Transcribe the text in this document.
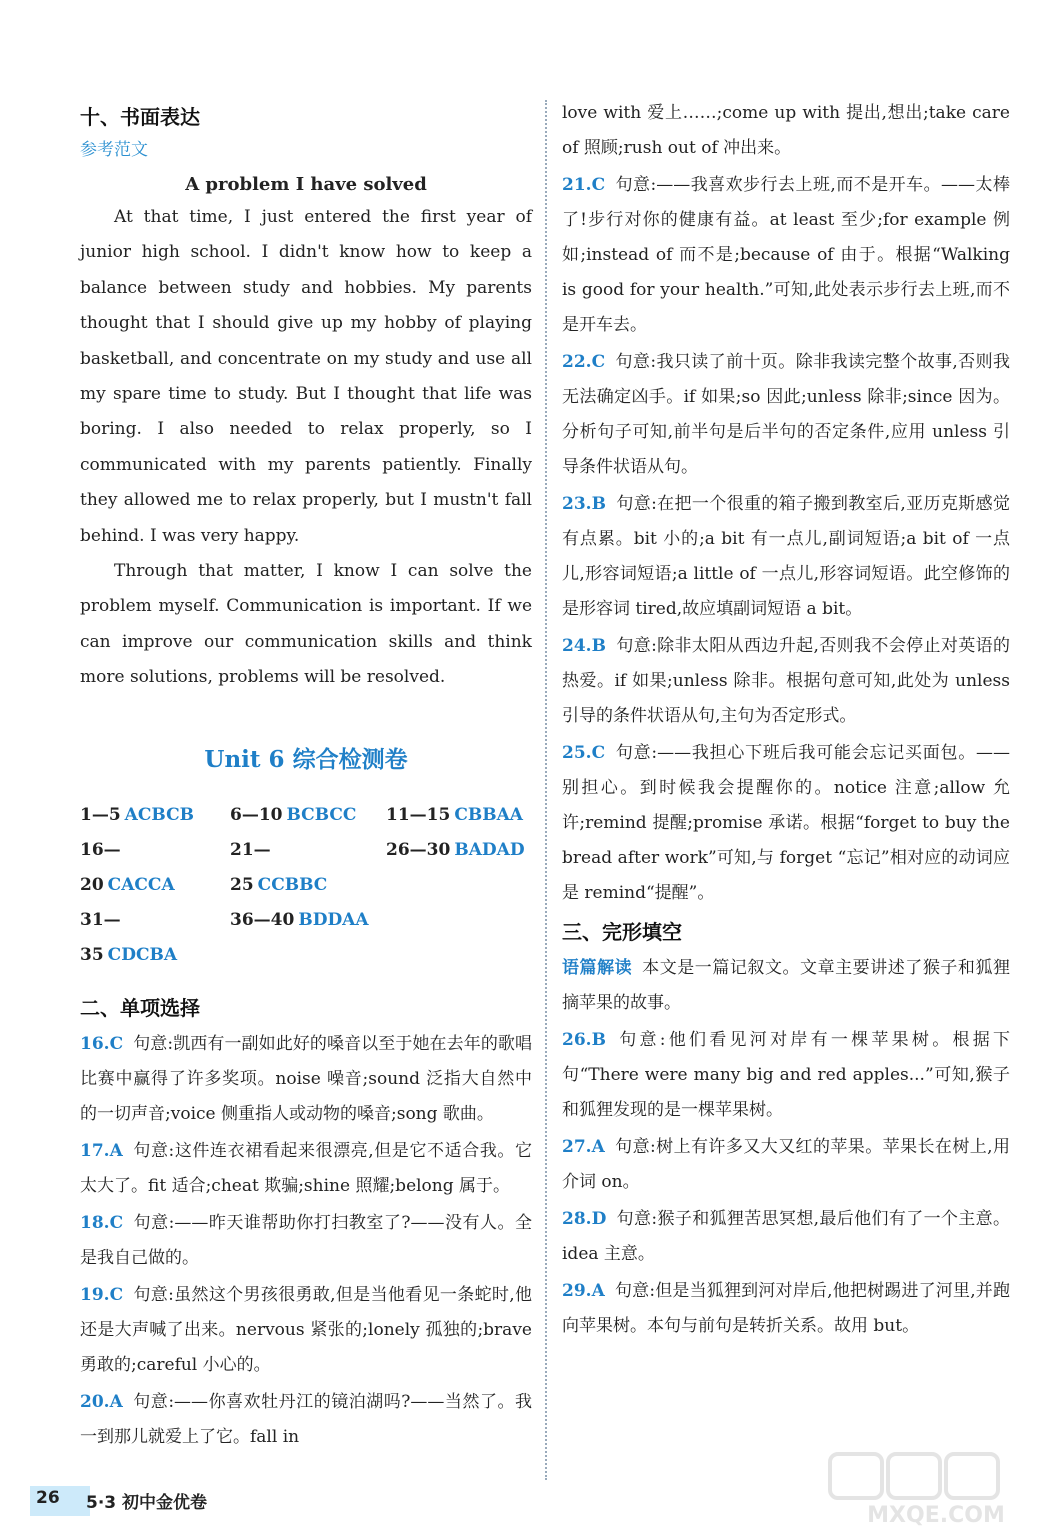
十、书面表达
参考范文
A problem I have solved

At that time, I just entered the first year of junior high school. I didn't know how to keep a balance between study and hobbies. My parents thought that I should give up my hobby of playing basketball, and concentrate on my study and use all my spare time to study. But I thought that life was boring. I also needed to relax properly, so I communicated with my parents patiently. Finally they allowed me to relax properly, but I mustn't fall behind. I was very happy.

Through that matter, I know I can solve the problem myself. Communication is important. If we can improve our communication skills and think more solutions, problems will be resolved.

Unit 6 综合检测卷
1—5 ACBCB	6—10 BCBCC	11—15 CBBAA
16—20 CACCA
21—25 CCBBC
26—30 BADAD
31—35 CDCBA
36—40 BDDAA
二、单项选择
16.C 句意:凯西有一副如此好的嗓音以至于她在去年的歌唱比赛中赢得了许多奖项。noise 噪音;sound 泛指大自然中的一切声音;voice 侧重指人或动物的嗓音;song 歌曲。
17.A 句意:这件连衣裙看起来很漂亮,但是它不适合我。它太大了。fit 适合;cheat 欺骗;shine 照耀;belong 属于。
18.C 句意:——昨天谁帮助你打扫教室了?——没有人。全是我自己做的。
19.C 句意:虽然这个男孩很勇敢,但是当他看见一条蛇时,他还是大声喊了出来。nervous 紧张的;lonely 孤独的;brave 勇敢的;careful 小心的。
20.A 句意:——你喜欢牡丹江的镜泊湖吗?——当然了。我一到那儿就爱上了它。fall in
love with 爱上……;come up with 提出,想出;take care of 照顾;rush out of 冲出来。
21.C 句意:——我喜欢步行去上班,而不是开车。——太棒了!步行对你的健康有益。at least 至少;for example 例如;instead of 而不是;because of 由于。根据“Walking is good for your health.”可知,此处表示步行去上班,而不是开车去。
22.C 句意:我只读了前十页。除非我读完整个故事,否则我无法确定凶手。if 如果;so 因此;unless 除非;since 因为。分析句子可知,前半句是后半句的否定条件,应用 unless 引导条件状语从句。
23.B 句意:在把一个很重的箱子搬到教室后,亚历克斯感觉有点累。bit 小的;a bit 有一点儿,副词短语;a bit of 一点儿,形容词短语;a little of 一点儿,形容词短语。此空修饰的是形容词 tired,故应填副词短语 a bit。
24.B 句意:除非太阳从西边升起,否则我不会停止对英语的热爱。if 如果;unless 除非。根据句意可知,此处为 unless 引导的条件状语从句,主句为否定形式。
25.C 句意:——我担心下班后我可能会忘记买面包。——别担心。到时候我会提醒你的。notice 注意;allow 允许;remind 提醒;promise 承诺。根据“forget to buy the bread after work”可知,与 forget “忘记”相对应的动词应是 remind“提醒”。
三、完形填空
语篇解读 本文是一篇记叙文。文章主要讲述了猴子和狐狸摘苹果的故事。
26.B 句意:他们看见河对岸有一棵苹果树。根据下句“There were many big and red apples...”可知,猴子和狐狸发现的是一棵苹果树。
27.A 句意:树上有许多又大又红的苹果。苹果长在树上,用介词 on。
28.D 句意:猴子和狐狸苦思冥想,最后他们有了一个主意。idea 主意。
29.A 句意:但是当狐狸到河对岸后,他把树踢进了河里,并跑向苹果树。本句与前句是转折关系。故用 but。
26 5·3 初中金优卷	MXQE.COM
